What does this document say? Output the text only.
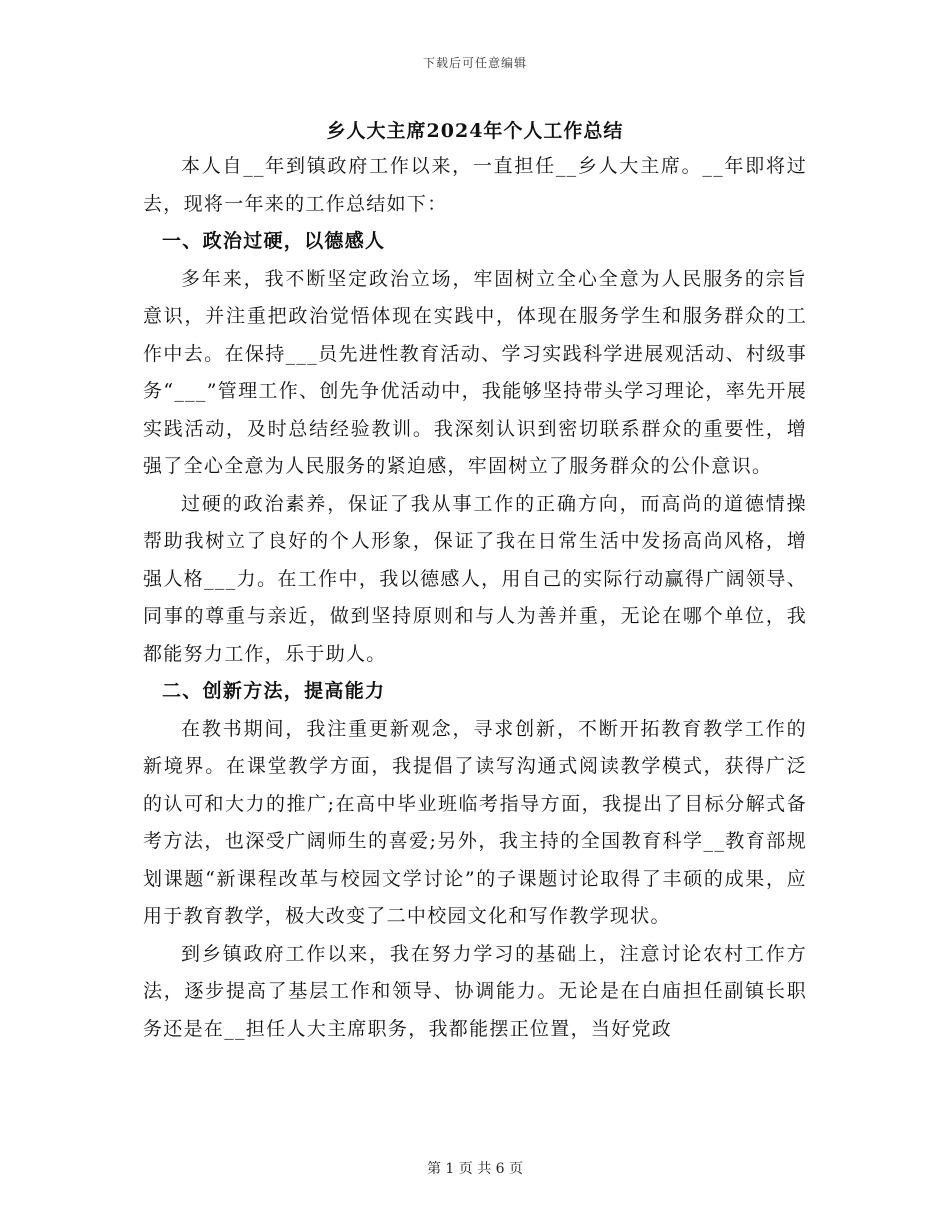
下载后可任意编辑
乡人大主席2024年个人工作总结

本人自__年到镇政府工作以来，一直担任__乡人大主席。__年即将过去，现将一年来的工作总结如下：

一、政治过硬，以德感人

多年来，我不断坚定政治立场，牢固树立全心全意为人民服务的宗旨意识，并注重把政治觉悟体现在实践中，体现在服务学生和服务群众的工作中去。在保持___员先进性教育活动、学习实践科学进展观活动、村级事务“___”管理工作、创先争优活动中，我能够坚持带头学习理论，率先开展实践活动，及时总结经验教训。我深刻认识到密切联系群众的重要性，增强了全心全意为人民服务的紧迫感，牢固树立了服务群众的公仆意识。

过硬的政治素养，保证了我从事工作的正确方向，而高尚的道德情操帮助我树立了良好的个人形象，保证了我在日常生活中发扬高尚风格，增强人格___力。在工作中，我以德感人，用自己的实际行动赢得广阔领导、同事的尊重与亲近，做到坚持原则和与人为善并重，无论在哪个单位，我都能努力工作，乐于助人。

二、创新方法，提高能力

在教书期间，我注重更新观念，寻求创新，不断开拓教育教学工作的新境界。在课堂教学方面，我提倡了读写沟通式阅读教学模式，获得广泛的认可和大力的推广;在高中毕业班临考指导方面，我提出了目标分解式备考方法，也深受广阔师生的喜爱;另外，我主持的全国教育科学__教育部规划课题“新课程改革与校园文学讨论”的子课题讨论取得了丰硕的成果，应用于教育教学，极大改变了二中校园文化和写作教学现状。

到乡镇政府工作以来，我在努力学习的基础上，注意讨论农村工作方法，逐步提高了基层工作和领导、协调能力。无论是在白庙担任副镇长职务还是在__担任人大主席职务，我都能摆正位置，当好党政

第 1 页 共 6 页
